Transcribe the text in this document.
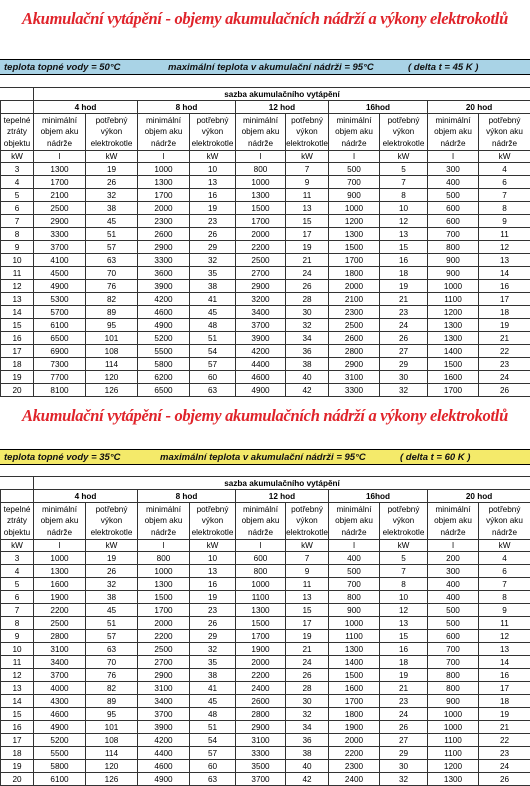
Akumulační vytápění - objemy akumulačních nádrží a výkony elektrokotlů
teplota topné vody = 50°C	maximální teplota v akumulační nádrži = 95°C	( delta t = 45 K )
	sazba akumulačního vytápění									
	4 hod		8 hod		12 hod		16hod		20 hod	
tepelné ztráty objektu	minimální objem aku nádrže	potřebný výkon elektrokotle	minimální objem aku nádrže	potřebný výkon elektrokotle	minimální objem aku nádrže	potřebný výkon elektrokotle	minimální objem aku nádrže	potřebný výkon elektrokotle	minimální objem aku nádrže	potřebný výkon aku nádrže
kW	l	kW	l	kW	l	kW	l	kW	l	kW
3	1300	19	1000	10	800	7	500	5	300	4
4	1700	26	1300	13	1000	9	700	7	400	6
5	2100	32	1700	16	1300	11	900	8	500	7
6	2500	38	2000	19	1500	13	1000	10	600	8
7	2900	45	2300	23	1700	15	1200	12	600	9
8	3300	51	2600	26	2000	17	1300	13	700	11
9	3700	57	2900	29	2200	19	1500	15	800	12
10	4100	63	3300	32	2500	21	1700	16	900	13
11	4500	70	3600	35	2700	24	1800	18	900	14
12	4900	76	3900	38	2900	26	2000	19	1000	16
13	5300	82	4200	41	3200	28	2100	21	1100	17
14	5700	89	4600	45	3400	30	2300	23	1200	18
15	6100	95	4900	48	3700	32	2500	24	1300	19
16	6500	101	5200	51	3900	34	2600	26	1300	21
17	6900	108	5500	54	4200	36	2800	27	1400	22
18	7300	114	5800	57	4400	38	2900	29	1500	23
19	7700	120	6200	60	4600	40	3100	30	1600	24
20	8100	126	6500	63	4900	42	3300	32	1700	26
Akumulační vytápění - objemy akumulačních nádrží a výkony elektrokotlů
teplota topné vody = 35°C	maximální teplota v akumulační nádrži = 95°C	( delta t = 60 K )
	sazba akumulačního vytápění									
	4 hod		8 hod		12 hod		16hod		20 hod	
tepelné ztráty objektu	minimální objem aku nádrže	potřebný výkon elektrokotle	minimální objem aku nádrže	potřebný výkon elektrokotle	minimální objem aku nádrže	potřebný výkon elektrokotle	minimální objem aku nádrže	potřebný výkon elektrokotle	minimální objem aku nádrže	potřebný výkon aku nádrže
kW	l	kW	l	kW	l	kW	l	kW	l	kW
3	1000	19	800	10	600	7	400	5	200	4
4	1300	26	1000	13	800	9	500	7	300	6
5	1600	32	1300	16	1000	11	700	8	400	7
6	1900	38	1500	19	1100	13	800	10	400	8
7	2200	45	1700	23	1300	15	900	12	500	9
8	2500	51	2000	26	1500	17	1000	13	500	11
9	2800	57	2200	29	1700	19	1100	15	600	12
10	3100	63	2500	32	1900	21	1300	16	700	13
11	3400	70	2700	35	2000	24	1400	18	700	14
12	3700	76	2900	38	2200	26	1500	19	800	16
13	4000	82	3100	41	2400	28	1600	21	800	17
14	4300	89	3400	45	2600	30	1700	23	900	18
15	4600	95	3700	48	2800	32	1800	24	1000	19
16	4900	101	3900	51	2900	34	1900	26	1000	21
17	5200	108	4200	54	3100	36	2000	27	1100	22
18	5500	114	4400	57	3300	38	2200	29	1100	23
19	5800	120	4600	60	3500	40	2300	30	1200	24
20	6100	126	4900	63	3700	42	2400	32	1300	26
